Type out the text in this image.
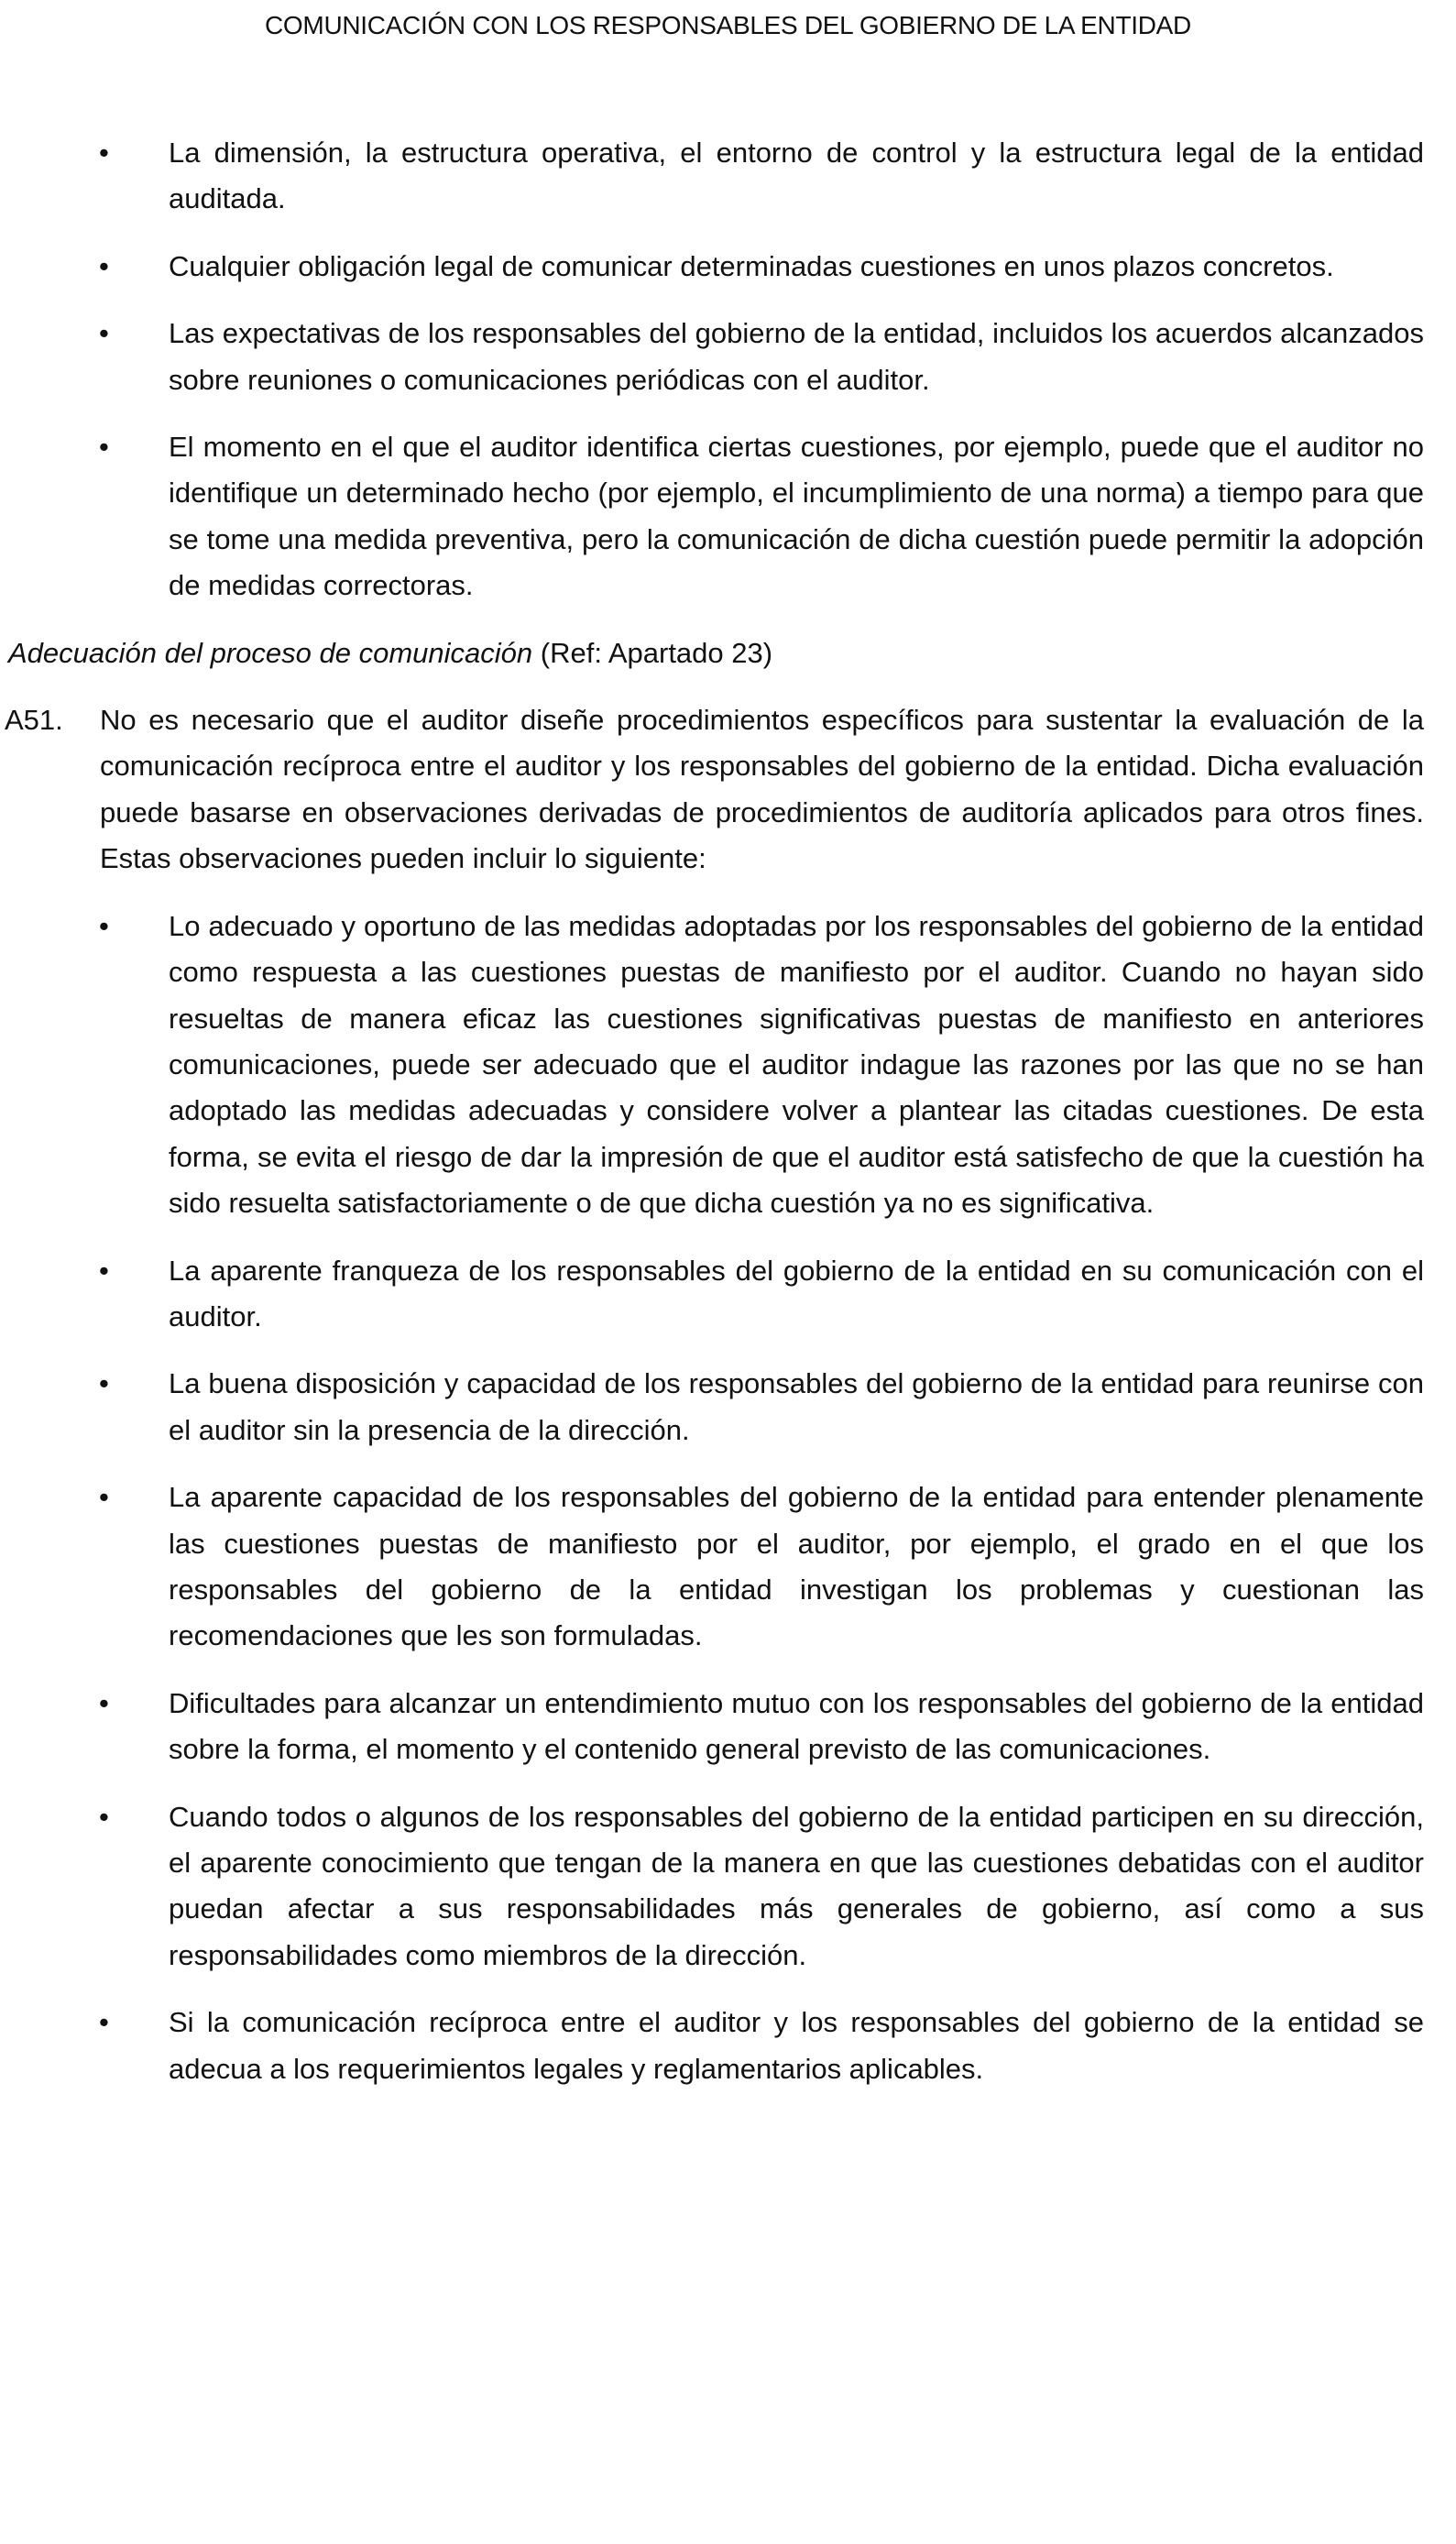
COMUNICACIÓN CON LOS RESPONSABLES DEL GOBIERNO DE LA ENTIDAD
• La dimensión, la estructura operativa, el entorno de control y la estructura legal de la entidad auditada.
• Cualquier obligación legal de comunicar determinadas cuestiones en unos plazos concretos.
• Las expectativas de los responsables del gobierno de la entidad, incluidos los acuerdos alcanzados sobre reuniones o comunicaciones periódicas con el auditor.
• El momento en el que el auditor identifica ciertas cuestiones, por ejemplo, puede que el auditor no identifique un determinado hecho (por ejemplo, el incumplimiento de una norma) a tiempo para que se tome una medida preventiva, pero la comunicación de dicha cuestión puede permitir la adopción de medidas correctoras.
Adecuación del proceso de comunicación (Ref: Apartado 23)
A51. No es necesario que el auditor diseñe procedimientos específicos para sustentar la evaluación de la comunicación recíproca entre el auditor y los responsables del gobierno de la entidad. Dicha evaluación puede basarse en observaciones derivadas de procedimientos de auditoría aplicados para otros fines. Estas observaciones pueden incluir lo siguiente:
• Lo adecuado y oportuno de las medidas adoptadas por los responsables del gobierno de la entidad como respuesta a las cuestiones puestas de manifiesto por el auditor. Cuando no hayan sido resueltas de manera eficaz las cuestiones significativas puestas de manifiesto en anteriores comunicaciones, puede ser adecuado que el auditor indague las razones por las que no se han adoptado las medidas adecuadas y considere volver a plantear las citadas cuestiones. De esta forma, se evita el riesgo de dar la impresión de que el auditor está satisfecho de que la cuestión ha sido resuelta satisfactoriamente o de que dicha cuestión ya no es significativa.
• La aparente franqueza de los responsables del gobierno de la entidad en su comunicación con el auditor.
• La buena disposición y capacidad de los responsables del gobierno de la entidad para reunirse con el auditor sin la presencia de la dirección.
• La aparente capacidad de los responsables del gobierno de la entidad para entender plenamente las cuestiones puestas de manifiesto por el auditor, por ejemplo, el grado en el que los responsables del gobierno de la entidad investigan los problemas y cuestionan las recomendaciones que les son formuladas.
• Dificultades para alcanzar un entendimiento mutuo con los responsables del gobierno de la entidad sobre la forma, el momento y el contenido general previsto de las comunicaciones.
• Cuando todos o algunos de los responsables del gobierno de la entidad participen en su dirección, el aparente conocimiento que tengan de la manera en que las cuestiones debatidas con el auditor puedan afectar a sus responsabilidades más generales de gobierno, así como a sus responsabilidades como miembros de la dirección.
• Si la comunicación recíproca entre el auditor y los responsables del gobierno de la entidad se adecua a los requerimientos legales y reglamentarios aplicables.
